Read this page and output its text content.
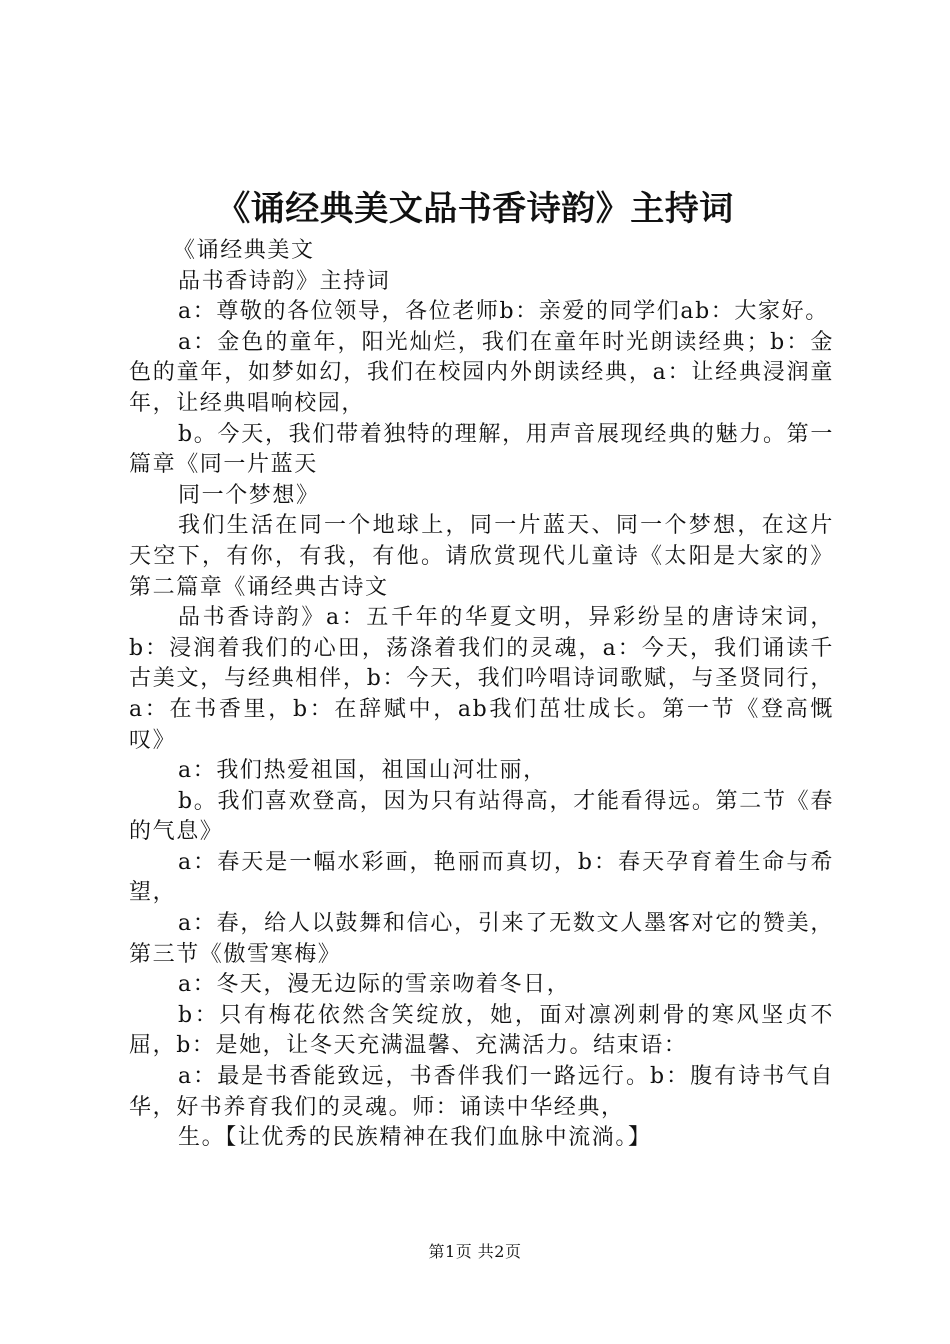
《诵经典美文品书香诗韵》主持词

《诵经典美文

品书香诗韵》主持词

a：尊敬的各位领导，各位老师b：亲爱的同学们ab：大家好。

a：金色的童年，阳光灿烂，我们在童年时光朗读经典；b：金色的童年，如梦如幻，我们在校园内外朗读经典，a：让经典浸润童年，让经典唱响校园，

b。今天，我们带着独特的理解，用声音展现经典的魅力。第一篇章《同一片蓝天

同一个梦想》

我们生活在同一个地球上，同一片蓝天、同一个梦想，在这片天空下，有你，有我，有他。请欣赏现代儿童诗《太阳是大家的》第二篇章《诵经典古诗文

品书香诗韵》a：五千年的华夏文明，异彩纷呈的唐诗宋词，b：浸润着我们的心田，荡涤着我们的灵魂，a：今天，我们诵读千古美文，与经典相伴，b：今天，我们吟唱诗词歌赋，与圣贤同行，a：在书香里，b：在辞赋中，ab我们茁壮成长。第一节《登高慨叹》

a：我们热爱祖国，祖国山河壮丽，

b。我们喜欢登高，因为只有站得高，才能看得远。第二节《春的气息》

a：春天是一幅水彩画，艳丽而真切，b：春天孕育着生命与希望，

a：春，给人以鼓舞和信心，引来了无数文人墨客对它的赞美，第三节《傲雪寒梅》

a：冬天，漫无边际的雪亲吻着冬日，

b：只有梅花依然含笑绽放，她，面对凛冽刺骨的寒风坚贞不屈，b：是她，让冬天充满温馨、充满活力。结束语：

a：最是书香能致远，书香伴我们一路远行。b：腹有诗书气自华，好书养育我们的灵魂。师：诵读中华经典，

生。【让优秀的民族精神在我们血脉中流淌。】

第1页 共2页
